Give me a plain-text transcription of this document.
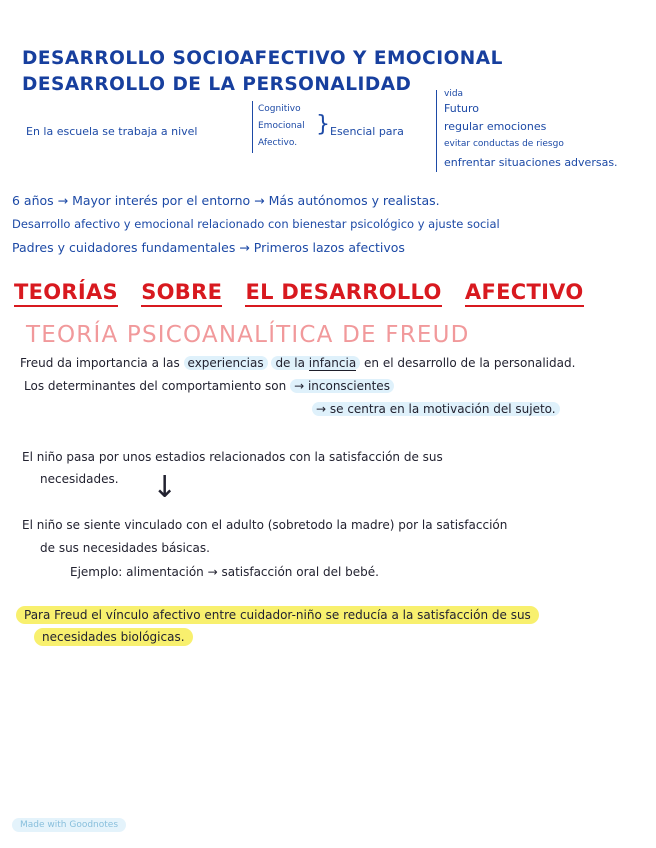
DESARROLLO SOCIOAFECTIVO Y EMOCIONAL
DESARROLLO DE LA PERSONALIDAD
En la escuela se trabaja a nivel
Cognitivo
Emocional
Afectivo.
} Esencial para
vida
Futuro
regular emociones
evitar conductas de riesgo
enfrentar situaciones adversas.
6 años → Mayor interés por el entorno → Más autónomos y realistas.
Desarrollo afectivo y emocional relacionado con bienestar psicológico y ajuste social
Padres y cuidadores fundamentales → Primeros lazos afectivos
TEORÍAS SOBRE EL DESARROLLO AFECTIVO
TEORÍA PSICOANALÍTICA DE FREUD
Freud da importancia a las experiencias de la infancia en el desarrollo de la personalidad.
Los determinantes del comportamiento son → inconscientes
→ se centra en la motivación del sujeto.
El niño pasa por unos estadios relacionados con la satisfacción de sus
necesidades. ↓
El niño se siente vinculado con el adulto (sobretodo la madre) por la satisfacción
de sus necesidades básicas.
Ejemplo: alimentación → satisfacción oral del bebé.
Para Freud el vínculo afectivo entre cuidador-niño se reducía a la satisfacción de sus
necesidades biológicas.
Made with Goodnotes
